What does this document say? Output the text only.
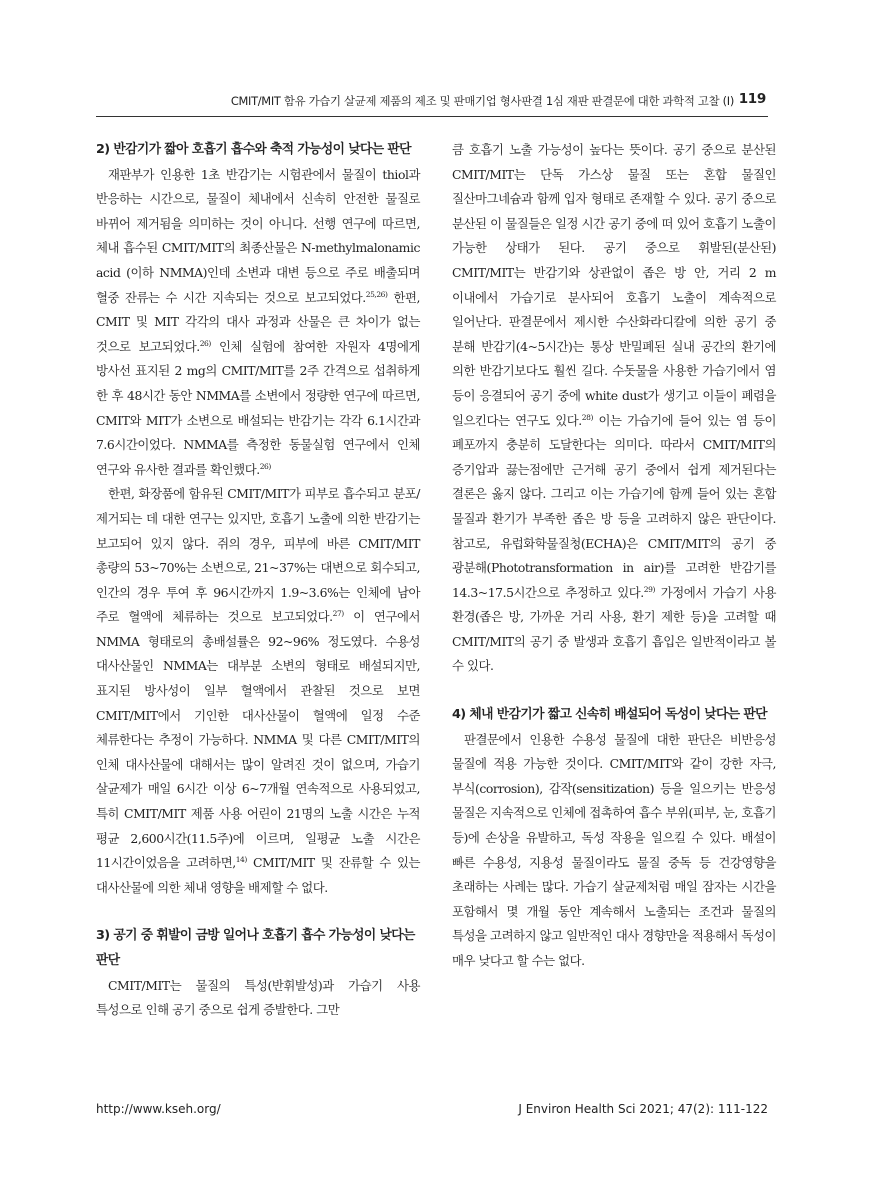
CMIT/MIT 함유 가습기 살균제 제품의 제조 및 판매기업 형사판결 1심 재판 판결문에 대한 과학적 고찰 (I) 119
2) 반감기가 짧아 호흡기 흡수와 축적 가능성이 낮다는 판단

재판부가 인용한 1초 반감기는 시험관에서 물질이 thiol과 반응하는 시간으로, 물질이 체내에서 신속히 안전한 물질로 바뀌어 제거됨을 의미하는 것이 아니다. 선행 연구에 따르면, 체내 흡수된 CMIT/MIT의 최종산물은 N-methylmalonamic acid (이하 NMMA)인데 소변과 대변 등으로 주로 배출되며 혈중 잔류는 수 시간 지속되는 것으로 보고되었다.$^{25,26)}$ 한편, CMIT 및 MIT 각각의 대사 과정과 산물은 큰 차이가 없는 것으로 보고되었다.$^{26)}$ 인체 실험에 참여한 자원자 4명에게 방사선 표지된 2 mg의 CMIT/MIT를 2주 간격으로 섭취하게 한 후 48시간 동안 NMMA를 소변에서 정량한 연구에 따르면, CMIT와 MIT가 소변으로 배설되는 반감기는 각각 6.1시간과 7.6시간이었다. NMMA를 측정한 동물실험 연구에서 인체 연구와 유사한 결과를 확인했다.$^{26)}$

한편, 화장품에 함유된 CMIT/MIT가 피부로 흡수되고 분포/제거되는 데 대한 연구는 있지만, 호흡기 노출에 의한 반감기는 보고되어 있지 않다. 쥐의 경우, 피부에 바른 CMIT/MIT 총량의 53~70%는 소변으로, 21~37%는 대변으로 회수되고, 인간의 경우 투여 후 96시간까지 1.9~3.6%는 인체에 남아 주로 혈액에 체류하는 것으로 보고되었다.$^{27)}$ 이 연구에서 NMMA 형태로의 총배설률은 92~96% 정도였다. 수용성 대사산물인 NMMA는 대부분 소변의 형태로 배설되지만, 표지된 방사성이 일부 혈액에서 관찰된 것으로 보면 CMIT/MIT에서 기인한 대사산물이 혈액에 일정 수준 체류한다는 추정이 가능하다. NMMA 및 다른 CMIT/MIT의 인체 대사산물에 대해서는 많이 알려진 것이 없으며, 가습기 살균제가 매일 6시간 이상 6~7개월 연속적으로 사용되었고, 특히 CMIT/MIT 제품 사용 어린이 21명의 노출 시간은 누적 평균 2,600시간(11.5주)에 이르며, 일평균 노출 시간은 11시간이었음을 고려하면,$^{14)}$ CMIT/MIT 및 잔류할 수 있는 대사산물에 의한 체내 영향을 배제할 수 없다.

3) 공기 중 휘발이 금방 일어나 호흡기 흡수 가능성이 낮다는 판단

CMIT/MIT는 물질의 특성(반휘발성)과 가습기 사용 특성으로 인해 공기 중으로 쉽게 증발한다. 그만

큼 호흡기 노출 가능성이 높다는 뜻이다. 공기 중으로 분산된 CMIT/MIT는 단독 가스상 물질 또는 혼합 물질인 질산마그네슘과 함께 입자 형태로 존재할 수 있다. 공기 중으로 분산된 이 물질들은 일정 시간 공기 중에 떠 있어 호흡기 노출이 가능한 상태가 된다. 공기 중으로 휘발된(분산된) CMIT/MIT는 반감기와 상관없이 좁은 방 안, 거리 2 m 이내에서 가습기로 분사되어 호흡기 노출이 계속적으로 일어난다. 판결문에서 제시한 수산화라디칼에 의한 공기 중 분해 반감기(4~5시간)는 통상 반밀폐된 실내 공간의 환기에 의한 반감기보다도 훨씬 길다. 수돗물을 사용한 가습기에서 염 등이 응결되어 공기 중에 white dust가 생기고 이들이 폐렴을 일으킨다는 연구도 있다.$^{28)}$ 이는 가습기에 들어 있는 염 등이 폐포까지 충분히 도달한다는 의미다. 따라서 CMIT/MIT의 증기압과 끓는점에만 근거해 공기 중에서 쉽게 제거된다는 결론은 옳지 않다. 그리고 이는 가습기에 함께 들어 있는 혼합 물질과 환기가 부족한 좁은 방 등을 고려하지 않은 판단이다. 참고로, 유럽화학물질청(ECHA)은 CMIT/MIT의 공기 중 광분해(Phototransformation in air)를 고려한 반감기를 14.3~17.5시간으로 추정하고 있다.$^{29)}$ 가정에서 가습기 사용 환경(좁은 방, 가까운 거리 사용, 환기 제한 등)을 고려할 때 CMIT/MIT의 공기 중 발생과 호흡기 흡입은 일반적이라고 볼 수 있다.

4) 체내 반감기가 짧고 신속히 배설되어 독성이 낮다는 판단

판결문에서 인용한 수용성 물질에 대한 판단은 비반응성 물질에 적용 가능한 것이다. CMIT/MIT와 같이 강한 자극, 부식(corrosion), 감작(sensitization) 등을 일으키는 반응성 물질은 지속적으로 인체에 접촉하여 흡수 부위(피부, 눈, 호흡기 등)에 손상을 유발하고, 독성 작용을 일으킬 수 있다. 배설이 빠른 수용성, 지용성 물질이라도 물질 중독 등 건강영향을 초래하는 사례는 많다. 가습기 살균제처럼 매일 잠자는 시간을 포함해서 몇 개월 동안 계속해서 노출되는 조건과 물질의 특성을 고려하지 않고 일반적인 대사 경향만을 적용해서 독성이 매우 낮다고 할 수는 없다.

http://www.kseh.org/	J Environ Health Sci 2021; 47(2): 111-122
